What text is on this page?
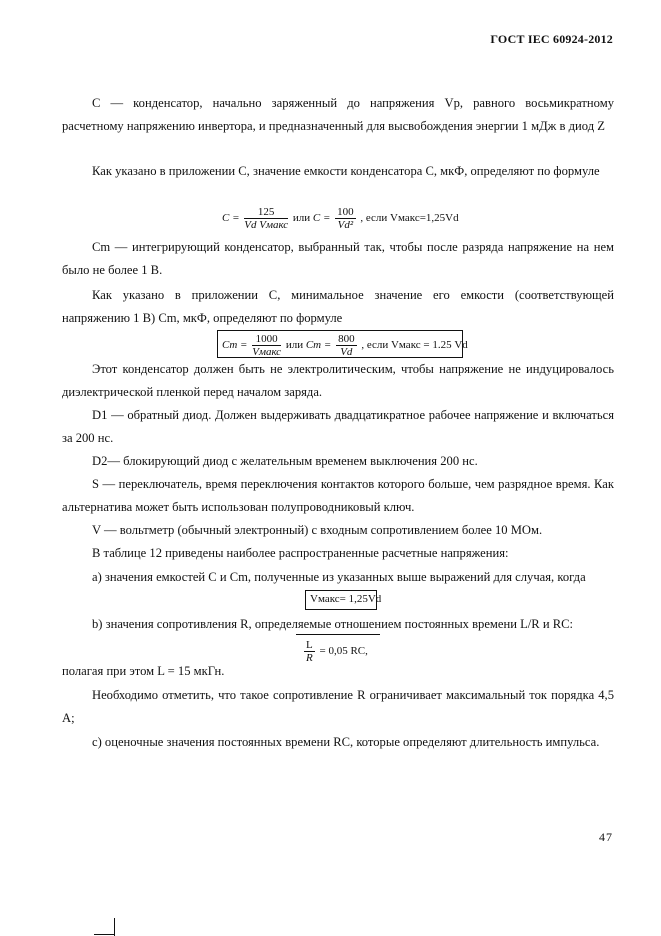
ГОСТ IEC 60924-2012
C — конденсатор, начально заряженный до напряжения Vp, равного восьмикратному расчетному напряжению инвертора, и предназначенный для высвобождения энергии 1 мДж в диод Z
Как указано в приложении C, значение емкости конденсатора C, мкФ, определяют по формуле
$C = \frac{125}{\text{Vd Vмакс}}$ или $C = \frac{100}{\text{Vd²}}$ , если Vмакс=1,25Vd
Cm — интегрирующий конденсатор, выбранный так, чтобы после разряда напряжение на нем было не более 1 В.
Как указано в приложении C, минимальное значение его емкости (соответствующей напряжению 1 В) Cm, мкФ, определяют по формуле
$Cm = \frac{1000}{\text{Vмакс}}$ или $Cm = \frac{800}{Vd}$ , если Vмакс = 1.25 Vd
Этот конденсатор должен быть не электролитическим, чтобы напряжение не индуцировалось диэлектрической пленкой перед началом заряда.
D1 — обратный диод. Должен выдерживать двадцатикратное рабочее напряжение и включаться за 200 нс.
D2— блокирующий диод с желательным временем выключения 200 нс.
S — переключатель, время переключения контактов которого больше, чем разрядное время. Как альтернатива может быть использован полупроводниковый ключ.
V — вольтметр (обычный электронный) с входным сопротивлением более 10 МОм.
В таблице 12 приведены наиболее распространенные расчетные напряжения:
a) значения емкостей C и Cm, полученные из указанных выше выражений для случая, когда
Vмакс= 1,25Vd
b) значения сопротивления R, определяемые отношением постоянных времени L/R и RC:
$\frac{L}{R} = 0,05$ RC,
полагая при этом L = 15 мкГн.
Необходимо отметить, что такое сопротивление R ограничивает максимальный ток порядка 4,5 А;
c) оценочные значения постоянных времени RC, которые определяют длительность импульса.
47
